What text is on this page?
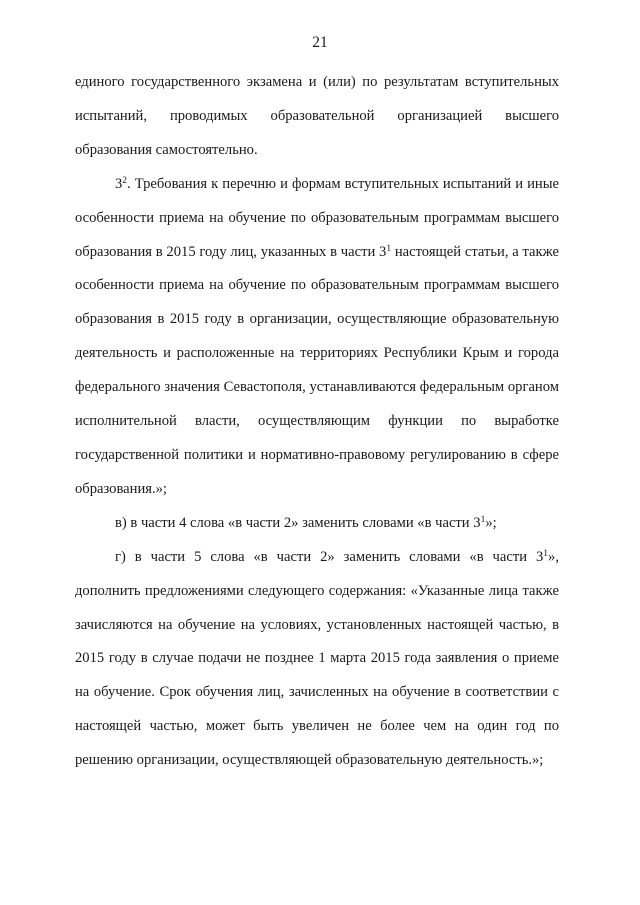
21

единого государственного экзамена и (или) по результатам вступительных испытаний, проводимых образовательной организацией высшего образования самостоятельно.

$3^2$. Требования к перечню и формам вступительных испытаний и иные особенности приема на обучение по образовательным программам высшего образования в 2015 году лиц, указанных в части $3^1$ настоящей статьи, а также особенности приема на обучение по образовательным программам высшего образования в 2015 году в организации, осуществляющие образовательную деятельность и расположенные на территориях Республики Крым и города федерального значения Севастополя, устанавливаются федеральным органом исполнительной власти, осуществляющим функции по выработке государственной политики и нормативно-правовому регулированию в сфере образования.»;

в) в части 4 слова «в части 2» заменить словами «в части $3^1$»;

г) в части 5 слова «в части 2» заменить словами «в части $3^1$», дополнить предложениями следующего содержания: «Указанные лица также зачисляются на обучение на условиях, установленных настоящей частью, в 2015 году в случае подачи не позднее 1 марта 2015 года заявления о приеме на обучение. Срок обучения лиц, зачисленных на обучение в соответствии с настоящей частью, может быть увеличен не более чем на один год по решению организации, осуществляющей образовательную деятельность.»;
